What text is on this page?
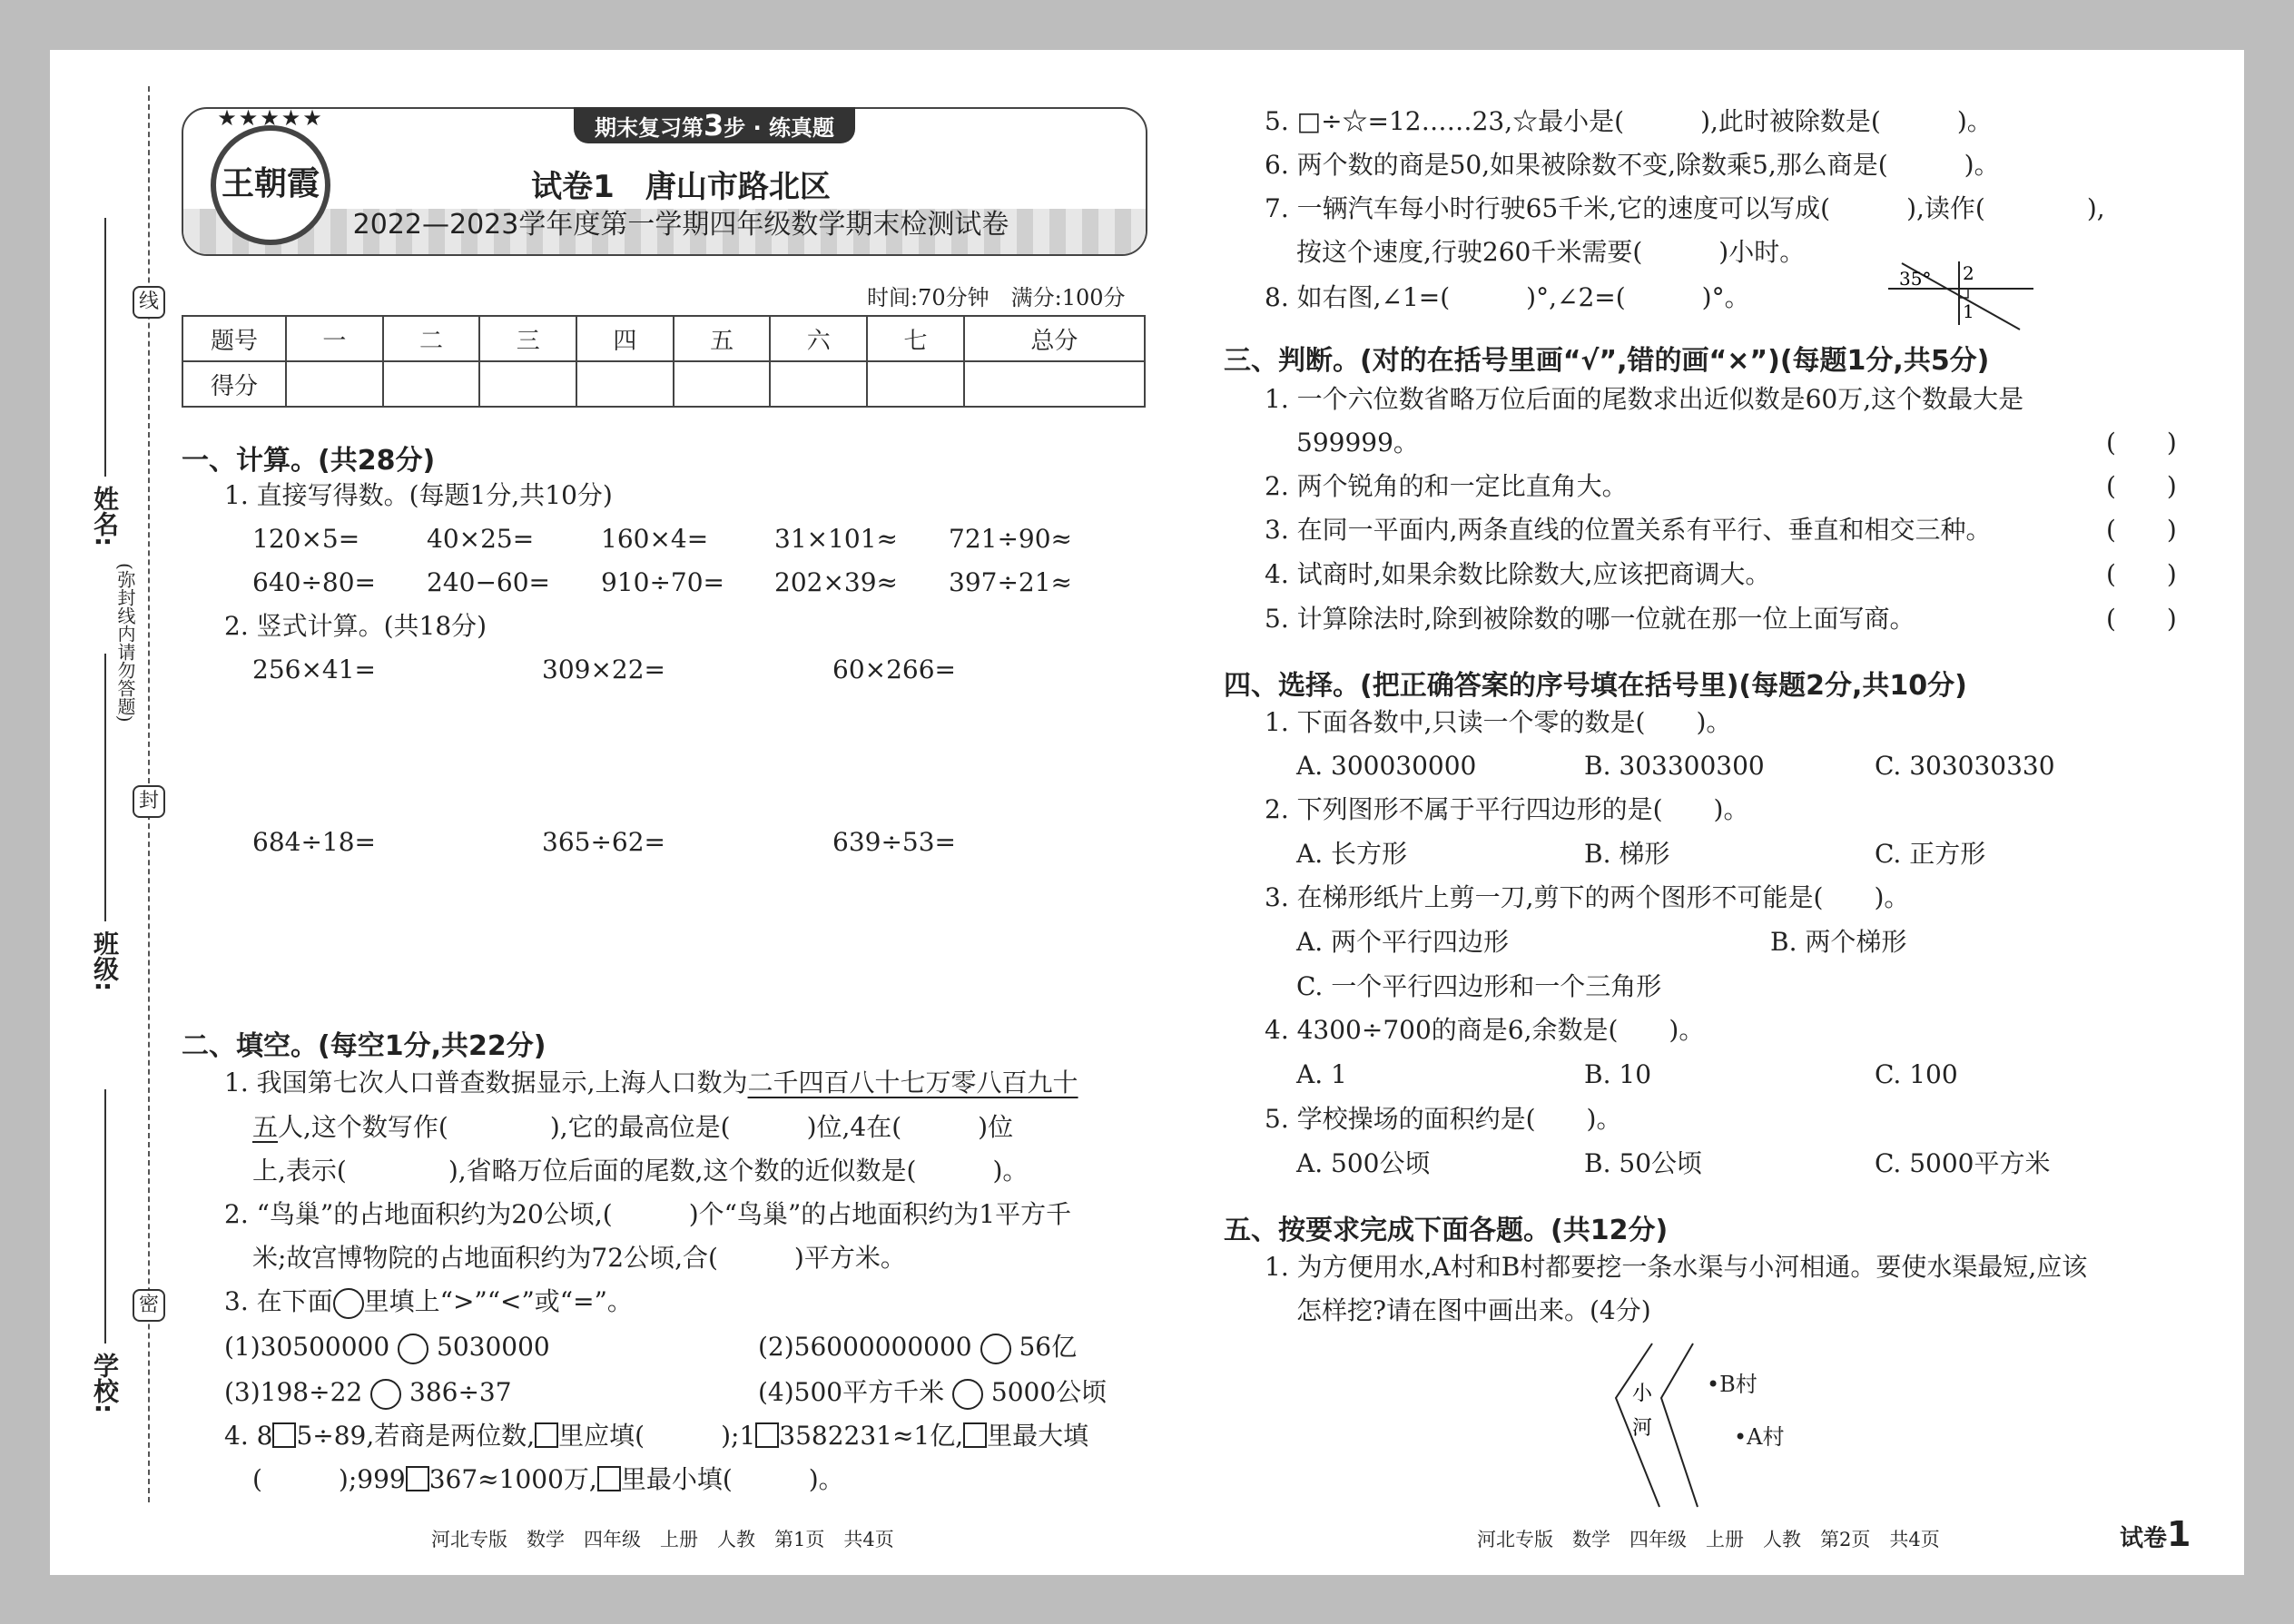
线
封
密
姓名:
班级:
学校:
(弥封线内请勿答题)
期末复习第3步 · 练真题
★★★★★
王朝霞	试卷1　唐山市路北区
2022—2023学年度第一学期四年级数学期末检测试卷
时间:70分钟　满分:100分
题号	一	二	三	四	五	六	七	总分
得分								
一、计算。(共28分)
1. 直接写得数。(每题1分,共10分)
120×5=	40×25=	160×4=	31×101≈ 721÷90≈
640÷80= 240−60= 910÷70= 202×39≈ 397÷21≈
2. 竖式计算。(共18分)
256×41=	309×22=	60×266=
684÷18=	365÷62=	639÷53=
二、填空。(每空1分,共22分)
1. 我国第七次人口普查数据显示,上海人口数为二千四百八十七万零八百九十
五人,这个数写作(　　　　),它的最高位是(　　　)位,4在(　　　)位
上,表示(　　　　),省略万位后面的尾数,这个数的近似数是(　　　)。
2. “鸟巢”的占地面积约为20公顷,(　　　)个“鸟巢”的占地面积约为1平方千
米;故宫博物院的占地面积约为72公顷,合(　　　)平方米。
3. 在下面 里填上“>”“<”或“=”。
(1)30500000 5030000	(2)56000000000 56亿
(3)198÷22 386÷37	(4)500平方千米 5000公顷
4. 8 5÷89,若商是两位数, 里应填(　　　);1 3582231≈1亿, 里最大填
(　　　);999 367≈1000万, 里最小填(　　　)。
河北专版　数学　四年级　上册　人教　第1页　共4页
5. □÷☆=12……23,☆最小是(　　　),此时被除数是(　　　)。
6. 两个数的商是50,如果被除数不变,除数乘5,那么商是(　　　)。
7. 一辆汽车每小时行驶65千米,它的速度可以写成(　　　),读作(　　　　),
按这个速度,行驶260千米需要(　　　)小时。
8. 如右图,∠1=(　　　)°,∠2=(　　　)°。
35° 2
1
三、判断。(对的在括号里画“√”,错的画“×”)(每题1分,共5分)
1. 一个六位数省略万位后面的尾数求出近似数是60万,这个数最大是
599999。	(　　)
2. 两个锐角的和一定比直角大。	(　　)
3. 在同一平面内,两条直线的位置关系有平行、垂直和相交三种。	(　　)
4. 试商时,如果余数比除数大,应该把商调大。	(　　)
5. 计算除法时,除到被除数的哪一位就在那一位上面写商。	(　　)
四、选择。(把正确答案的序号填在括号里)(每题2分,共10分)
1. 下面各数中,只读一个零的数是(　　)。
A. 300030000	B. 303300300	C. 303030330
2. 下列图形不属于平行四边形的是(　　)。
A. 长方形	B. 梯形	C. 正方形
3. 在梯形纸片上剪一刀,剪下的两个图形不可能是(　　)。
A. 两个平行四边形	B. 两个梯形
C. 一个平行四边形和一个三角形
4. 4300÷700的商是6,余数是(　　)。
A. 1	B. 10	C. 100
5. 学校操场的面积约是(　　)。
A. 500公顷	B. 50公顷	C. 5000平方米
五、按要求完成下面各题。(共12分)
1. 为方便用水,A村和B村都要挖一条水渠与小河相通。要使水渠最短,应该
怎样挖?请在图中画出来。(4分)
小
河
•B村
•A村
河北专版　数学　四年级　上册　人教　第2页　共4页	试卷1
